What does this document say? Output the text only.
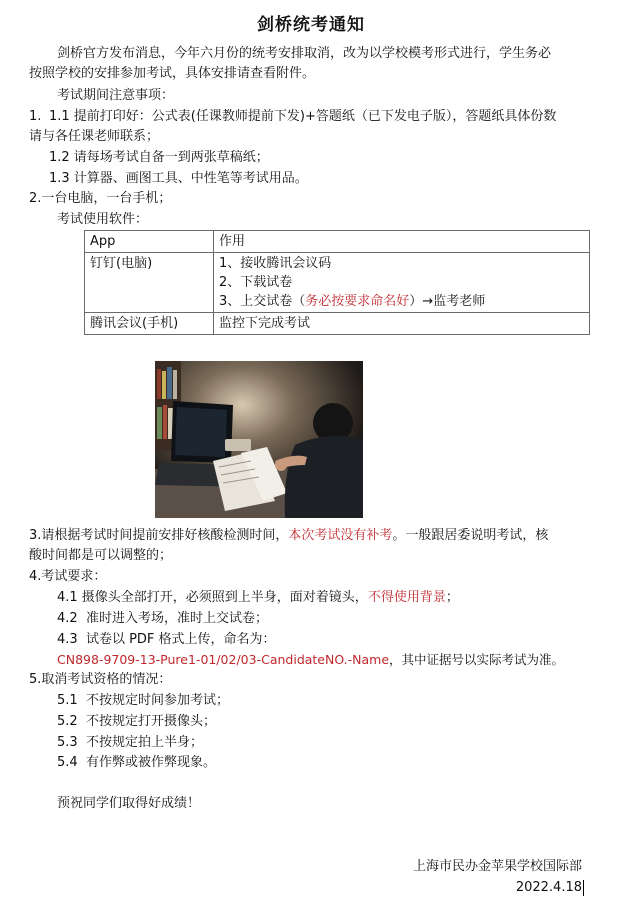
剑桥统考通知
剑桥官方发布消息，今年六月份的统考安排取消，改为以学校模考形式进行，学生务必
按照学校的安排参加考试，具体安排请查看附件。
考试期间注意事项：
1. 1.1 提前打印好：公式表(任课教师提前下发)+答题纸（已下发电子版），答题纸具体份数
请与各任课老师联系；
1.2 请每场考试自备一到两张草稿纸；
1.3 计算器、画图工具、中性笔等考试用品。
2.一台电脑，一台手机；
考试使用软件：
App	作用
钉钉(电脑)	1、接收腾讯会议码
2、下载试卷
3、上交试卷（务必按要求命名好）→监考老师

腾讯会议(手机)	监控下完成考试
3.请根据考试时间提前安排好核酸检测时间，本次考试没有补考。一般跟居委说明考试，核
酸时间都是可以调整的；
4.考试要求：
4.1 摄像头全部打开，必须照到上半身，面对着镜头，不得使用背景；
4.2  准时进入考场，准时上交试卷；
4.3  试卷以 PDF 格式上传，命名为：
CN898-9709-13-Pure1-01/02/03-CandidateNO.-Name，其中证据号以实际考试为准。
5.取消考试资格的情况：
5.1  不按规定时间参加考试；
5.2  不按规定打开摄像头；
5.3  不按规定拍上半身；
5.4  有作弊或被作弊现象。
预祝同学们取得好成绩！
上海市民办金苹果学校国际部
2022.4.18
